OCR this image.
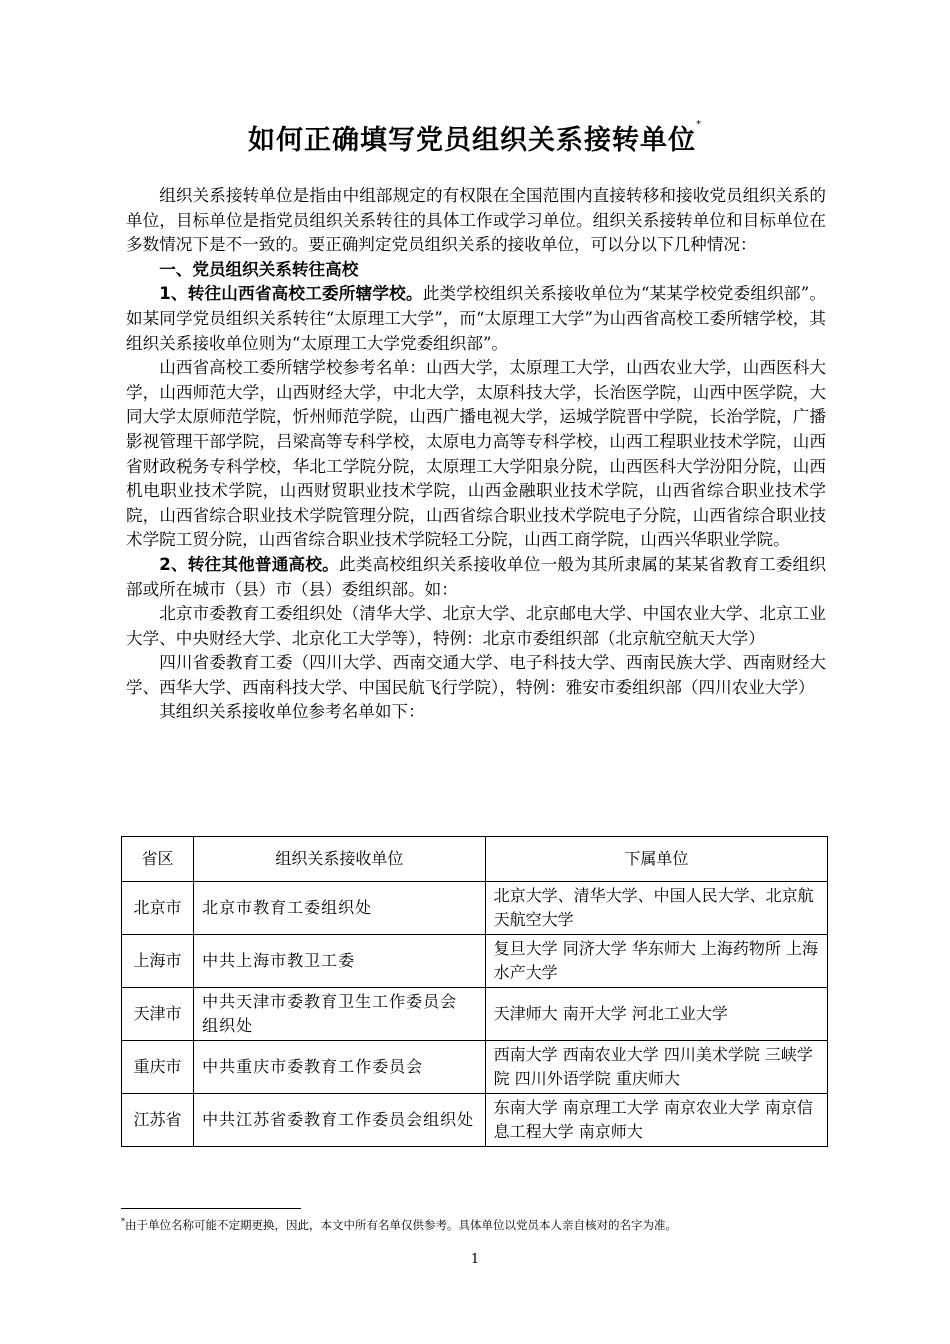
如何正确填写党员组织关系接转单位*

组织关系接转单位是指由中组部规定的有权限在全国范围内直接转移和接收党员组织关系的单位，目标单位是指党员组织关系转往的具体工作或学习单位。组织关系接转单位和目标单位在多数情况下是不一致的。要正确判定党员组织关系的接收单位，可以分以下几种情况：

一、党员组织关系转往高校

1、转往山西省高校工委所辖学校。此类学校组织关系接收单位为“某某学校党委组织部”。如某同学党员组织关系转往“太原理工大学”，而“太原理工大学”为山西省高校工委所辖学校，其组织关系接收单位则为“太原理工大学党委组织部”。

山西省高校工委所辖学校参考名单：山西大学，太原理工大学，山西农业大学，山西医科大学，山西师范大学，山西财经大学，中北大学，太原科技大学，长治医学院，山西中医学院，大同大学太原师范学院，忻州师范学院，山西广播电视大学，运城学院晋中学院，长治学院，广播影视管理干部学院，吕梁高等专科学校，太原电力高等专科学校，山西工程职业技术学院，山西省财政税务专科学校，华北工学院分院，太原理工大学阳泉分院，山西医科大学汾阳分院，山西机电职业技术学院，山西财贸职业技术学院，山西金融职业技术学院，山西省综合职业技术学院，山西省综合职业技术学院管理分院，山西省综合职业技术学院电子分院，山西省综合职业技术学院工贸分院，山西省综合职业技术学院轻工分院，山西工商学院，山西兴华职业学院。

2、转往其他普通高校。此类高校组织关系接收单位一般为其所隶属的某某省教育工委组织部或所在城市（县）市（县）委组织部。如：

北京市委教育工委组织处（清华大学、北京大学、北京邮电大学、中国农业大学、北京工业大学、中央财经大学、北京化工大学等），特例：北京市委组织部（北京航空航天大学）

四川省委教育工委（四川大学、西南交通大学、电子科技大学、西南民族大学、西南财经大学、西华大学、西南科技大学、中国民航飞行学院），特例：雅安市委组织部（四川农业大学）

其组织关系接收单位参考名单如下：

省区	组织关系接收单位	下属单位
北京市	北京市教育工委组织处	北京大学、清华大学、中国人民大学、北京航天航空大学
上海市	中共上海市教卫工委	复旦大学 同济大学 华东师大 上海药物所 上海水产大学
天津市	中共天津市委教育卫生工作委员会 组织处	天津师大 南开大学 河北工业大学
重庆市	中共重庆市委教育工作委员会	西南大学 西南农业大学 四川美术学院 三峡学院 四川外语学院 重庆师大
江苏省	中共江苏省委教育工作委员会组织处	东南大学 南京理工大学 南京农业大学 南京信息工程大学 南京师大
*由于单位名称可能不定期更换，因此，本文中所有名单仅供参考。具体单位以党员本人亲自核对的名字为准。
1
